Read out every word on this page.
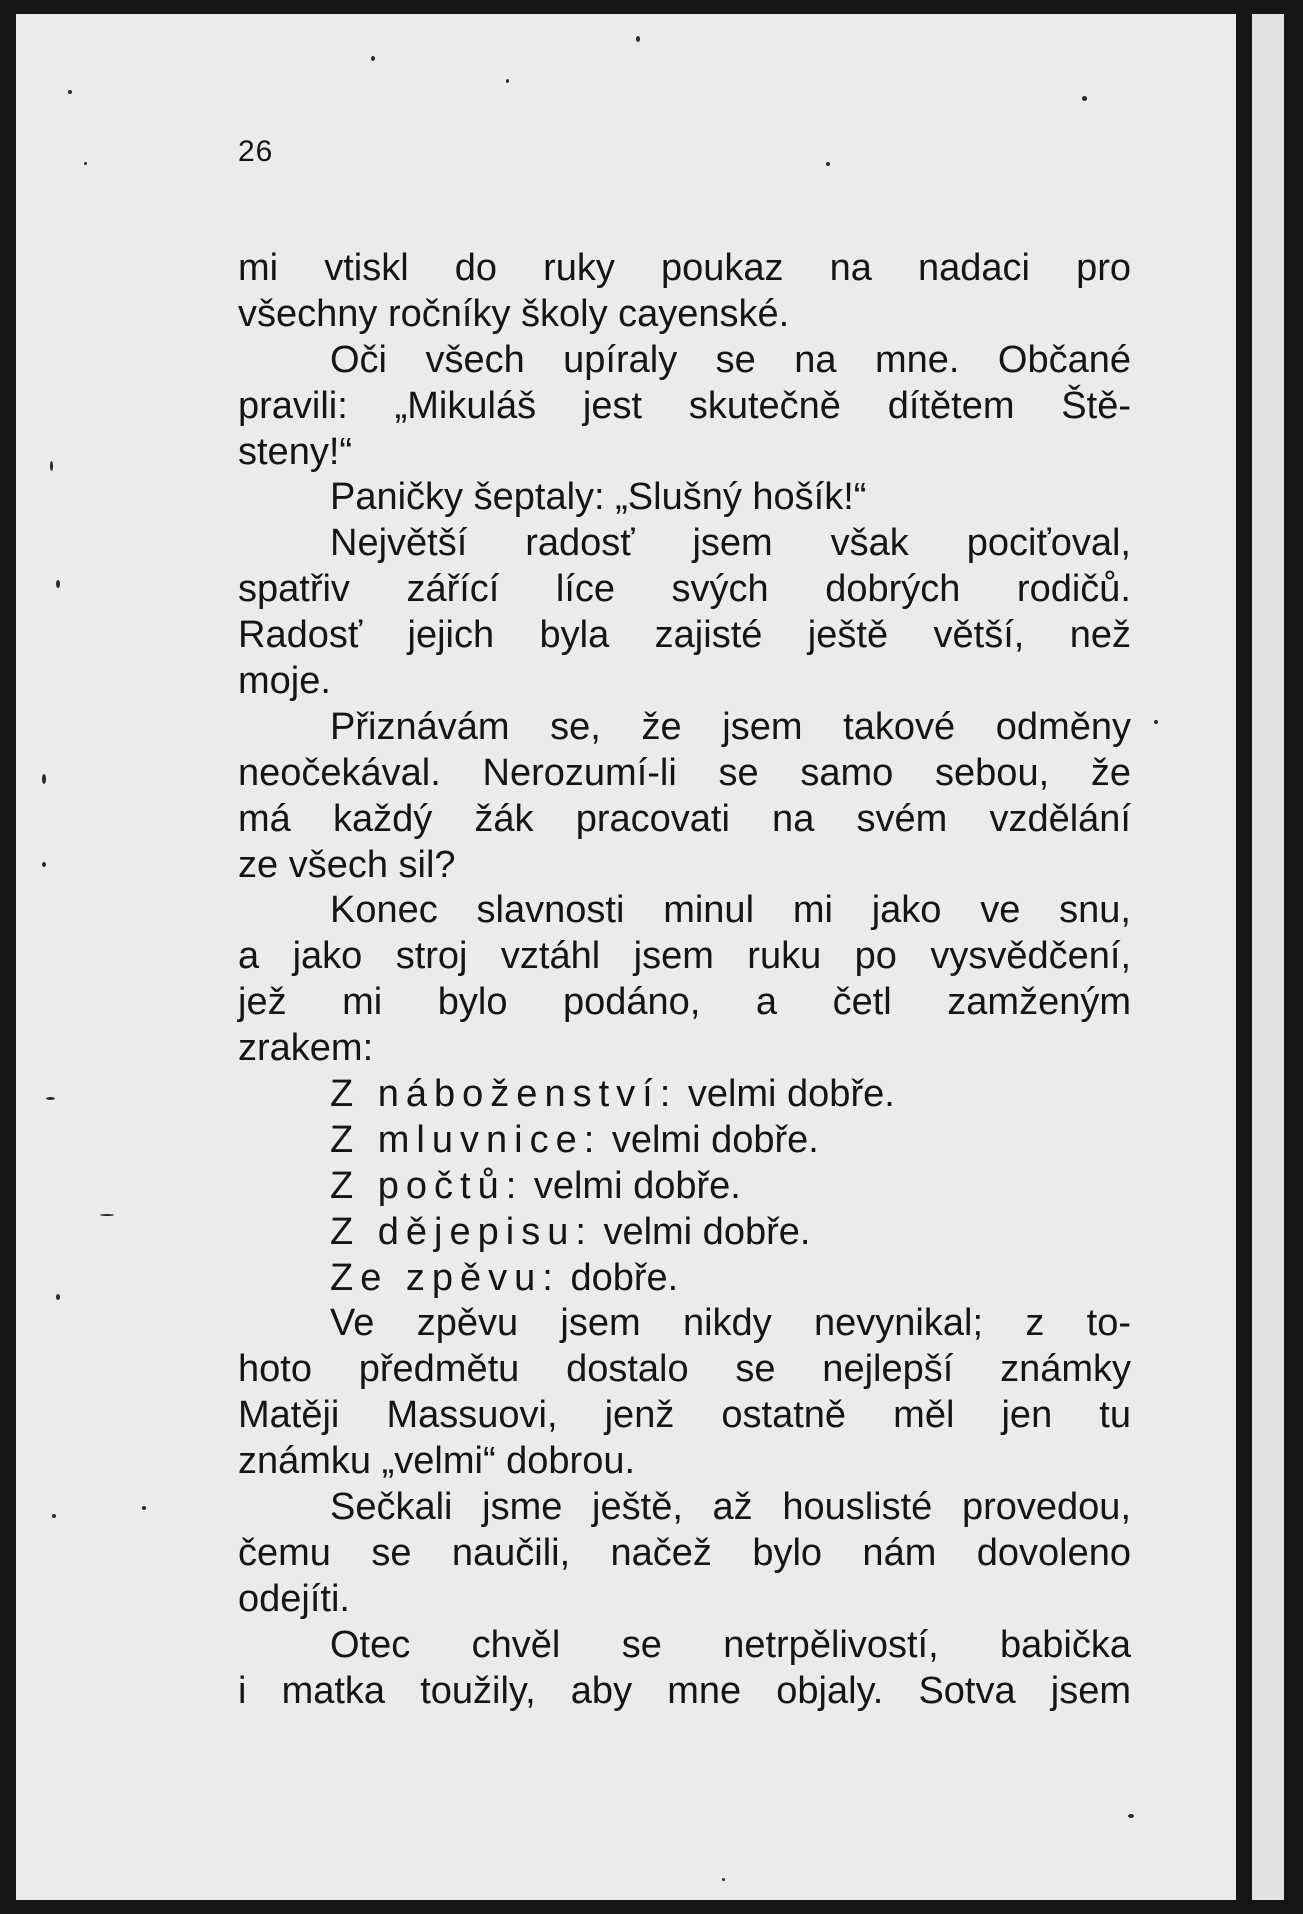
26
mi vtiskl do ruky poukaz na nadaci pro
všechny ročníky školy cayenské.
Oči všech upíraly se na mne. Občané
pravili: „Mikuláš jest skutečně dítětem Ště-
steny!“
Paničky šeptaly: „Slušný hošík!“
Největší radosť jsem však pociťoval,
spatřiv zářící líce svých dobrých rodičů.
Radosť jejich byla zajisté ještě větší, než
moje.
Přiznávám se, že jsem takové odměny
neočekával. Nerozumí-li se samo sebou, že
má každý žák pracovati na svém vzdělání
ze všech sil?
Konec slavnosti minul mi jako ve snu,
a jako stroj vztáhl jsem ruku po vysvědčení,
jež mi bylo podáno, a četl zamženým
zrakem:
Z náboženství: velmi dobře.
Z mluvnice: velmi dobře.
Z počtů: velmi dobře.
Z dějepisu: velmi dobře.
Ze zpěvu: dobře.
Ve zpěvu jsem nikdy nevynikal; z to-
hoto předmětu dostalo se nejlepší známky
Matěji Massuovi, jenž ostatně měl jen tu
známku „velmi“ dobrou.
Sečkali jsme ještě, až houslisté provedou,
čemu se naučili, načež bylo nám dovoleno
odejíti.
Otec chvěl se netrpělivostí, babička
i matka toužily, aby mne objaly. Sotva jsem
